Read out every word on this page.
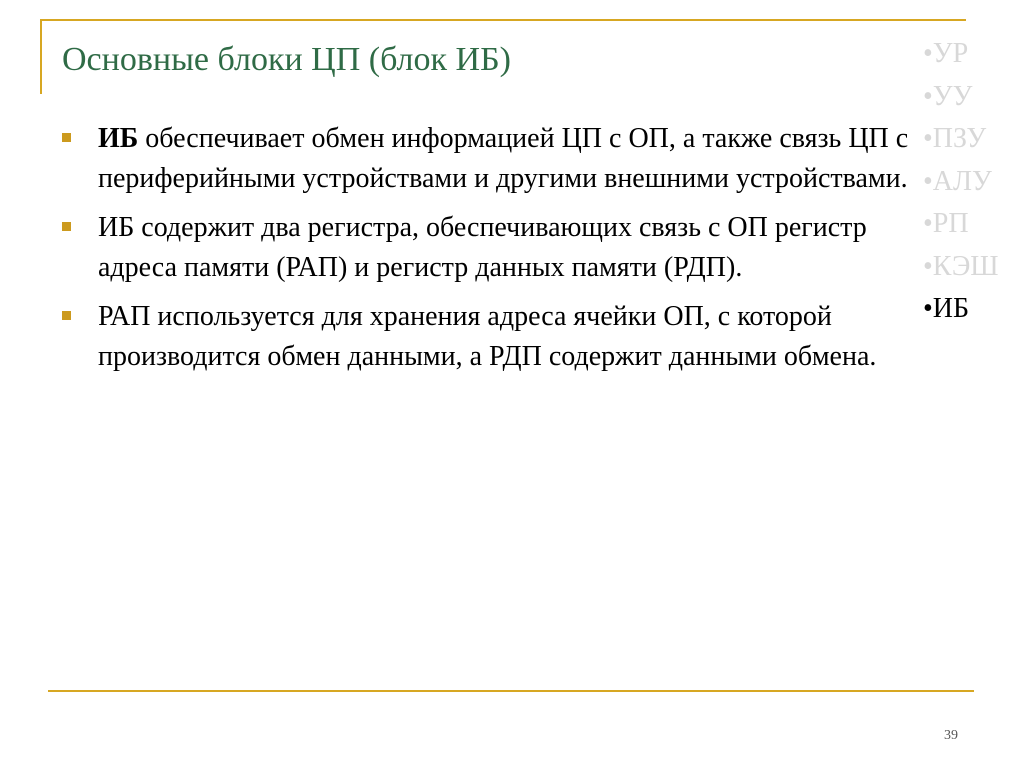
Основные блоки ЦП (блок ИБ)	•УР
•УУ
•ПЗУ
•АЛУ
•РП
•КЭШ
•ИБ
ИБ обеспечивает обмен информацией ЦП с ОП, а также связь ЦП с периферийными устройствами и другими внешними устройствами.
ИБ содержит два регистра, обеспечивающих связь с ОП регистр адреса памяти (РАП) и регистр данных памяти (РДП).
РАП используется для хранения адреса ячейки ОП, с которой производится обмен данными, а РДП содержит данными обмена.
39
